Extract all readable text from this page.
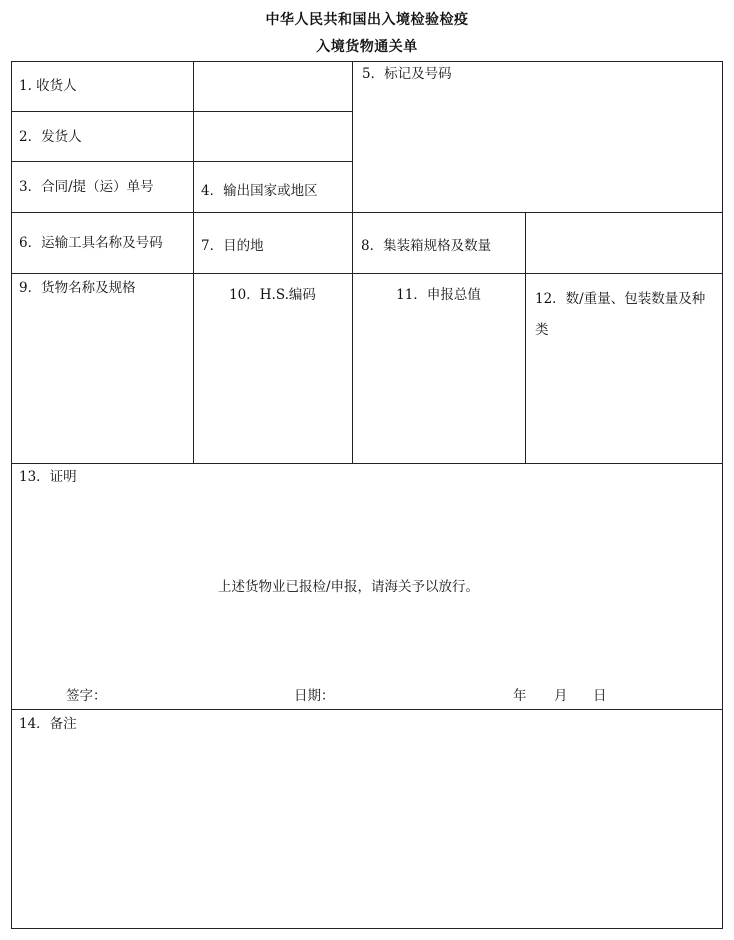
中华人民共和国出入境检验检疫
入境货物通关单
1. 收货人
2．发货人
3．合同/提（运）单号	4．输出国家或地区
5．标记及号码
6．运输工具名称及号码	7．目的地	8．集装箱规格及数量
9．货物名称及规格	10．H.S.编码	11．申报总值	12．数/重量、包装数量及种类
13．证明
上述货物业已报检/申报，请海关予以放行。
签字：	日期：	年 月 日
14．备注
